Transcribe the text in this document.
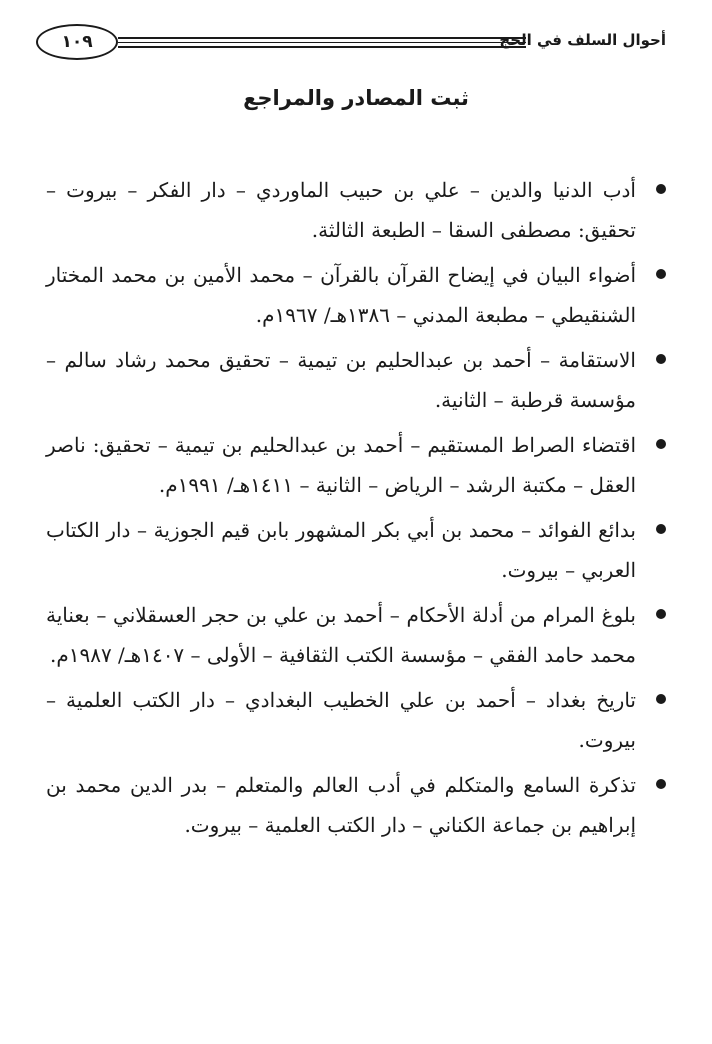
١٠٩	أحوال السلف في الحج
ثبت المصادر والمراجع
أدب الدنيا والدين – علي بن حبيب الماوردي – دار الفكر – بيروت – تحقيق: مصطفى السقا – الطبعة الثالثة.
أضواء البيان في إيضاح القرآن بالقرآن – محمد الأمين بن محمد المختار الشنقيطي – مطبعة المدني – ١٣٨٦هـ/ ١٩٦٧م.
الاستقامة – أحمد بن عبدالحليم بن تيمية – تحقيق محمد رشاد سالم – مؤسسة قرطبة – الثانية.
اقتضاء الصراط المستقيم – أحمد بن عبدالحليم بن تيمية – تحقيق: ناصر العقل – مكتبة الرشد – الرياض – الثانية – ١٤١١هـ/ ١٩٩١م.
بدائع الفوائد – محمد بن أبي بكر المشهور بابن قيم الجوزية – دار الكتاب العربي – بيروت.
بلوغ المرام من أدلة الأحكام – أحمد بن علي بن حجر العسقلاني – بعناية محمد حامد الفقي – مؤسسة الكتب الثقافية – الأولى – ١٤٠٧هـ/ ١٩٨٧م.
تاريخ بغداد – أحمد بن علي الخطيب البغدادي – دار الكتب العلمية – بيروت.
تذكرة السامع والمتكلم في أدب العالم والمتعلم – بدر الدين محمد بن إبراهيم بن جماعة الكناني – دار الكتب العلمية – بيروت.
